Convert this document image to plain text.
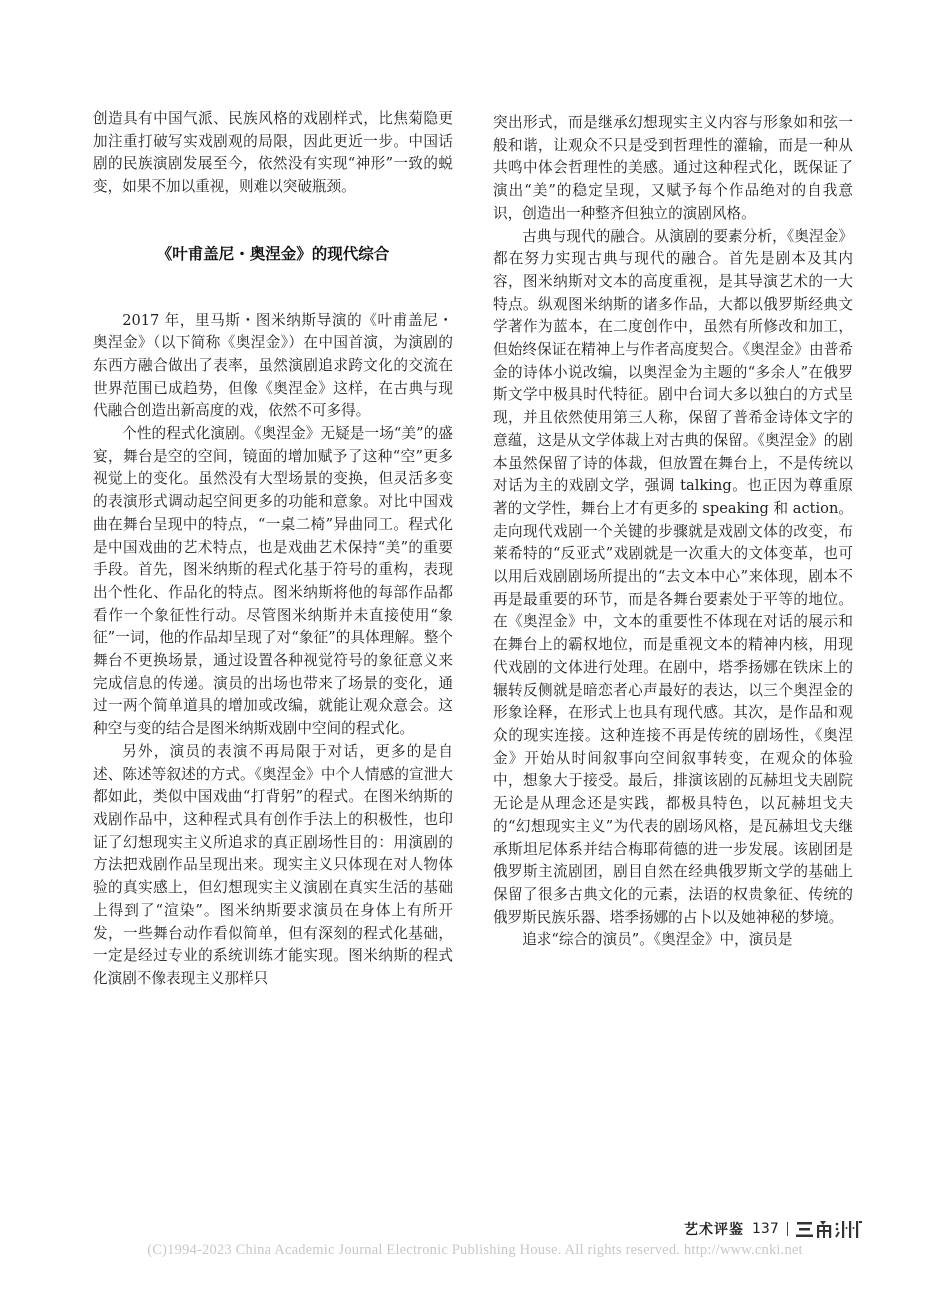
创造具有中国气派、民族风格的戏剧样式，比焦菊隐更加注重打破写实戏剧观的局限，因此更近一步。中国话剧的民族演剧发展至今，依然没有实现“神形”一致的蜕变，如果不加以重视，则难以突破瓶颈。

《叶甫盖尼・奥涅金》的现代综合

2017 年，里马斯・图米纳斯导演的《叶甫盖尼・奥涅金》（以下简称《奥涅金》）在中国首演，为演剧的东西方融合做出了表率，虽然演剧追求跨文化的交流在世界范围已成趋势，但像《奥涅金》这样，在古典与现代融合创造出新高度的戏，依然不可多得。

个性的程式化演剧。《奥涅金》无疑是一场“美”的盛宴，舞台是空的空间，镜面的增加赋予了这种“空”更多视觉上的变化。虽然没有大型场景的变换，但灵活多变的表演形式调动起空间更多的功能和意象。对比中国戏曲在舞台呈现中的特点，“一桌二椅”异曲同工。程式化是中国戏曲的艺术特点，也是戏曲艺术保持“美”的重要手段。首先，图米纳斯的程式化基于符号的重构，表现出个性化、作品化的特点。图米纳斯将他的每部作品都看作一个象征性行动。尽管图米纳斯并未直接使用“象征”一词，他的作品却呈现了对“象征”的具体理解。整个舞台不更换场景，通过设置各种视觉符号的象征意义来完成信息的传递。演员的出场也带来了场景的变化，通过一两个简单道具的增加或改编，就能让观众意会。这种空与变的结合是图米纳斯戏剧中空间的程式化。

另外，演员的表演不再局限于对话，更多的是自述、陈述等叙述的方式。《奥涅金》中个人情感的宣泄大都如此，类似中国戏曲“打背躬”的程式。在图米纳斯的戏剧作品中，这种程式具有创作手法上的积极性，也印证了幻想现实主义所追求的真正剧场性目的：用演剧的方法把戏剧作品呈现出来。现实主义只体现在对人物体验的真实感上，但幻想现实主义演剧在真实生活的基础上得到了“渲染”。图米纳斯要求演员在身体上有所开发，一些舞台动作看似简单，但有深刻的程式化基础，一定是经过专业的系统训练才能实现。图米纳斯的程式化演剧不像表现主义那样只

突出形式，而是继承幻想现实主义内容与形象如和弦一般和谐，让观众不只是受到哲理性的灌输，而是一种从共鸣中体会哲理性的美感。通过这种程式化，既保证了演出“美”的稳定呈现，又赋予每个作品绝对的自我意识，创造出一种整齐但独立的演剧风格。

古典与现代的融合。从演剧的要素分析，《奥涅金》都在努力实现古典与现代的融合。首先是剧本及其内容，图米纳斯对文本的高度重视，是其导演艺术的一大特点。纵观图米纳斯的诸多作品，大都以俄罗斯经典文学著作为蓝本，在二度创作中，虽然有所修改和加工，但始终保证在精神上与作者高度契合。《奥涅金》由普希金的诗体小说改编，以奥涅金为主题的“多余人”在俄罗斯文学中极具时代特征。剧中台词大多以独白的方式呈现，并且依然使用第三人称，保留了普希金诗体文字的意蕴，这是从文学体裁上对古典的保留。《奥涅金》的剧本虽然保留了诗的体裁，但放置在舞台上，不是传统以对话为主的戏剧文学，强调 talking。也正因为尊重原著的文学性，舞台上才有更多的 speaking 和 action。走向现代戏剧一个关键的步骤就是戏剧文体的改变，布莱希特的“反亚式”戏剧就是一次重大的文体变革，也可以用后戏剧剧场所提出的“去文本中心”来体现，剧本不再是最重要的环节，而是各舞台要素处于平等的地位。在《奥涅金》中，文本的重要性不体现在对话的展示和在舞台上的霸权地位，而是重视文本的精神内核，用现代戏剧的文体进行处理。在剧中，塔季扬娜在铁床上的辗转反侧就是暗恋者心声最好的表达，以三个奥涅金的形象诠释，在形式上也具有现代感。其次，是作品和观众的现实连接。这种连接不再是传统的剧场性，《奥涅金》开始从时间叙事向空间叙事转变，在观众的体验中，想象大于接受。最后，排演该剧的瓦赫坦戈夫剧院无论是从理念还是实践，都极具特色，以瓦赫坦戈夫的“幻想现实主义”为代表的剧场风格，是瓦赫坦戈夫继承斯坦尼体系并结合梅耶荷德的进一步发展。该剧团是俄罗斯主流剧团，剧目自然在经典俄罗斯文学的基础上保留了很多古典文化的元素，法语的权贵象征、传统的俄罗斯民族乐器、塔季扬娜的占卜以及她神秘的梦境。

追求“综合的演员”。《奥涅金》中，演员是

艺术评鉴 137
(C)1994-2023 China Academic Journal Electronic Publishing House. All rights reserved. http://www.cnki.net
